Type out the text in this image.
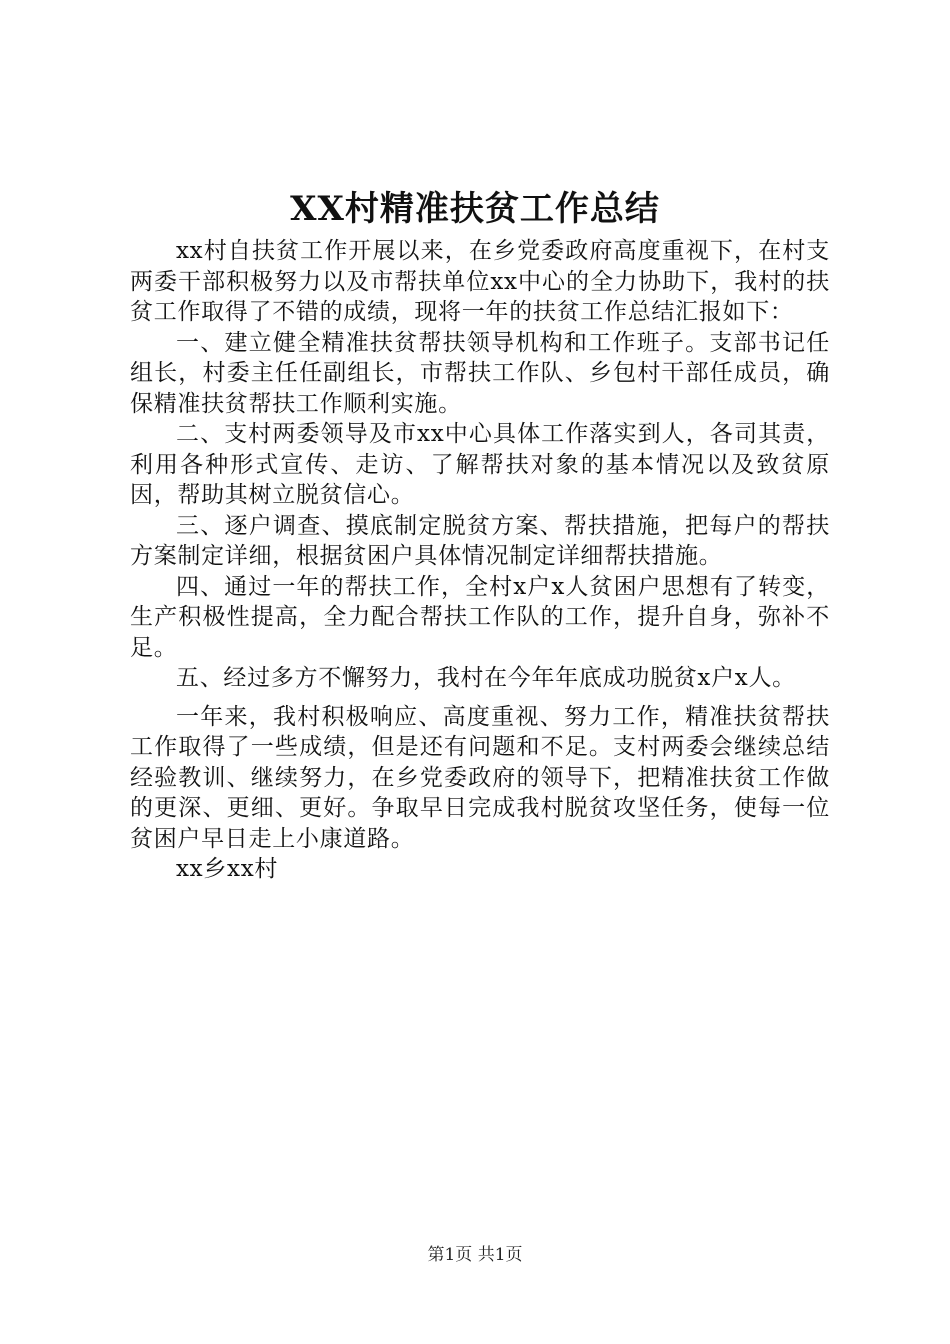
XX村精准扶贫工作总结

xx村自扶贫工作开展以来，在乡党委政府高度重视下，在村支两委干部积极努力以及市帮扶单位xx中心的全力协助下，我村的扶贫工作取得了不错的成绩，现将一年的扶贫工作总结汇报如下：

一、建立健全精准扶贫帮扶领导机构和工作班子。支部书记任组长，村委主任任副组长，市帮扶工作队、乡包村干部任成员，确保精准扶贫帮扶工作顺利实施。

二、支村两委领导及市xx中心具体工作落实到人，各司其责，利用各种形式宣传、走访、了解帮扶对象的基本情况以及致贫原因，帮助其树立脱贫信心。

三、逐户调查、摸底制定脱贫方案、帮扶措施，把每户的帮扶方案制定详细，根据贫困户具体情况制定详细帮扶措施。

四、通过一年的帮扶工作，全村x户x人贫困户思想有了转变，生产积极性提高，全力配合帮扶工作队的工作，提升自身，弥补不足。

五、经过多方不懈努力，我村在今年年底成功脱贫x户x人。

一年来，我村积极响应、高度重视、努力工作，精准扶贫帮扶工作取得了一些成绩，但是还有问题和不足。支村两委会继续总结经验教训、继续努力，在乡党委政府的领导下，把精准扶贫工作做的更深、更细、更好。争取早日完成我村脱贫攻坚任务，使每一位贫困户早日走上小康道路。

xx乡xx村

第1页 共1页
